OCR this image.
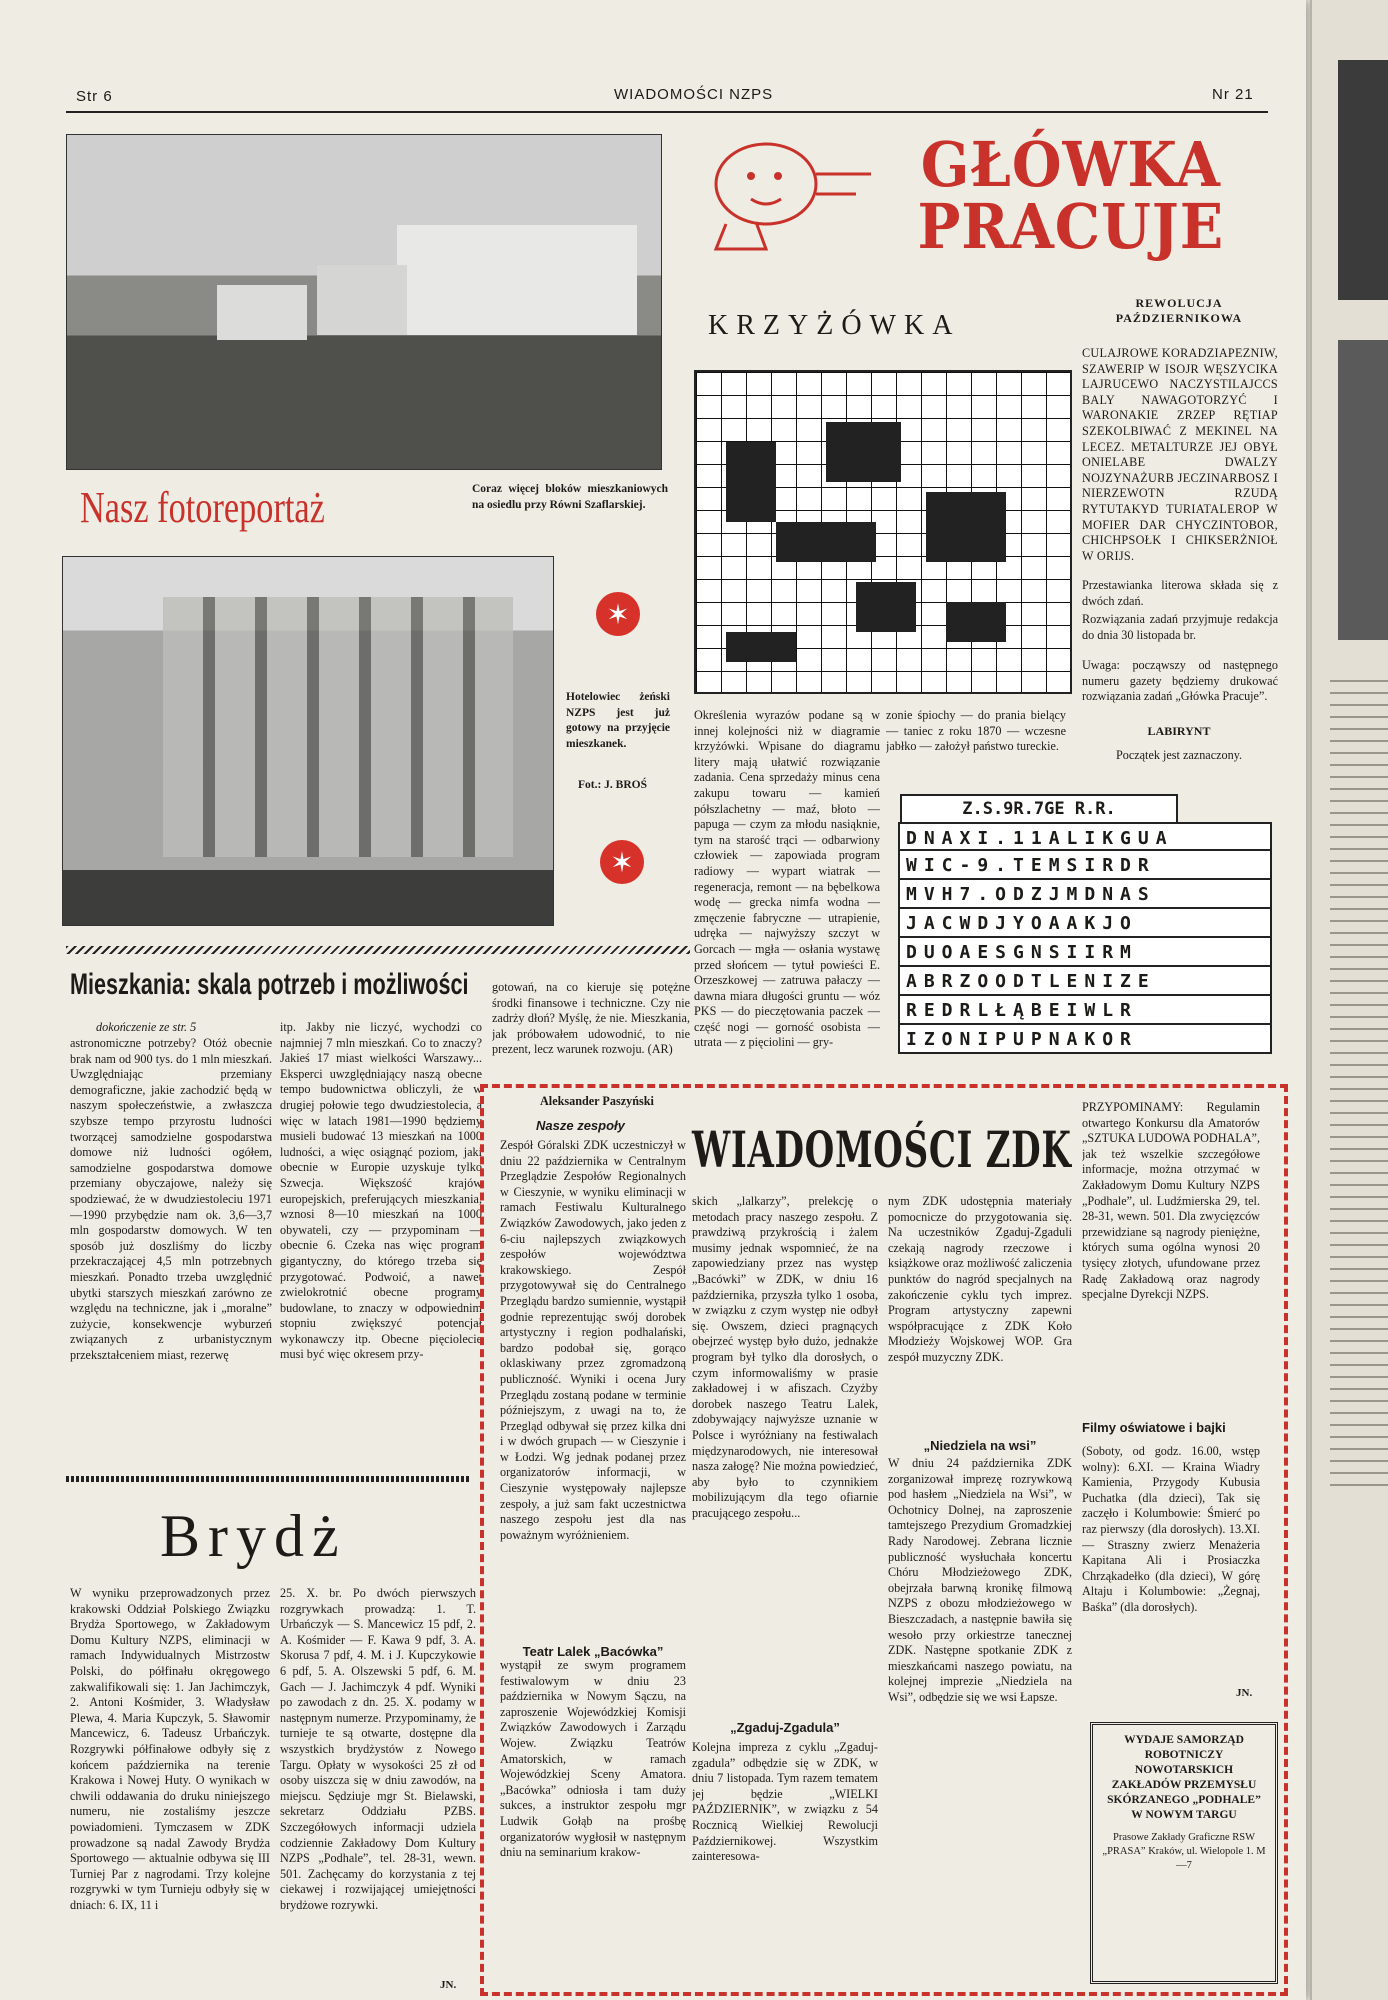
Str 6	WIADOMOŚCI NZPS	Nr 21
Nasz fotoreportaż	Coraz więcej bloków mieszkaniowych na osiedlu przy Równi Szaflarskiej.
✶
Hotelowiec żeński NZPS jest już gotowy na przyjęcie mieszkanek.
Fot.: J. BROŚ
✶
Mieszkania: skala potrzeb i możliwości
dokończenie ze str. 5
astronomiczne potrzeby? Otóż obecnie brak nam od 900 tys. do 1 mln mieszkań. Uwzględniając przemiany demograficzne, jakie zachodzić będą w naszym społeczeństwie, a zwłaszcza szybsze tempo przyrostu ludności tworzącej samodzielne gospodarstwa domowe niż ludności ogółem, samodzielne gospodarstwa domowe przemiany obyczajowe, należy się spodziewać, że w dwudziestoleciu 1971—1990 przybędzie nam ok. 3,6—3,7 mln gospodarstw domowych. W ten sposób już doszliśmy do liczby przekraczającej 4,5 mln potrzebnych mieszkań. Ponadto trzeba uwzględnić ubytki starszych mieszkań zarówno ze względu na techniczne, jak i „moralne” zużycie, konsekwencje wyburzeń związanych z urbanistycznym przekształceniem miast, rezerwę
itp. Jakby nie liczyć, wychodzi co najmniej 7 mln mieszkań. Co to znaczy? Jakieś 17 miast wielkości Warszawy... Eksperci uwzględniający naszą obecne tempo budownictwa obliczyli, że w drugiej połowie tego dwudziestolecia, a więc w latach 1981—1990 będziemy musieli budować 13 mieszkań na 1000 ludności, a więc osiągnąć poziom, jaki obecnie w Europie uzyskuje tylko Szwecja. Większość krajów europejskich, preferujących mieszkania, wznosi 8—10 mieszkań na 1000 obywateli, czy — przypominam — obecnie 6. Czeka nas więc program gigantyczny, do którego trzeba się przygotować. Podwoić, a nawet zwielokrotnić obecne programy budowlane, to znaczy w odpowiednim stopniu zwiększyć potencjał wykonawczy itp. Obecne pięciolecie musi być więc okresem przy-
gotowań, na co kieruje się potężne środki finansowe i techniczne. Czy nie zadrży dłoń? Myślę, że nie. Mieszkania, jak próbowałem udowodnić, to nie prezent, lecz warunek rozwoju. (AR)
Aleksander Paszyński
Brydż
W wyniku przeprowadzonych przez krakowski Oddział Polskiego Związku Brydża Sportowego, w Zakładowym Domu Kultury NZPS, eliminacji w ramach Indywidualnych Mistrzostw Polski, do półfinału okręgowego zakwalifikowali się: 1. Jan Jachimczyk, 2. Antoni Kośmider, 3. Władysław Plewa, 4. Maria Kupczyk, 5. Sławomir Mancewicz, 6. Tadeusz Urbańczyk. Rozgrywki półfinałowe odbyły się z końcem października na terenie Krakowa i Nowej Huty. O wynikach w chwili oddawania do druku niniejszego numeru, nie zostaliśmy jeszcze powiadomieni. Tymczasem w ZDK prowadzone są nadal Zawody Brydża Sportowego — aktualnie odbywa się III Turniej Par z nagrodami. Trzy kolejne rozgrywki w tym Turnieju odbyły się w dniach: 6. IX, 11 i
25. X. br. Po dwóch pierwszych rozgrywkach prowadzą: 1. T. Urbańczyk — S. Mancewicz 15 pdf, 2. A. Kośmider — F. Kawa 9 pdf, 3. A. Skorusa 7 pdf, 4. M. i J. Kupczykowie 6 pdf, 5. A. Olszewski 5 pdf, 6. M. Gach — J. Jachimczyk 4 pdf. Wyniki po zawodach z dn. 25. X. podamy w następnym numerze. Przypominamy, że turnieje te są otwarte, dostępne dla wszystkich brydżystów z Nowego Targu. Opłaty w wysokości 25 zł od osoby uiszcza się w dniu zawodów, na miejscu. Sędziuje mgr St. Bielawski, sekretarz Oddziału PZBS. Szczegółowych informacji udziela codziennie Zakładowy Dom Kultury NZPS „Podhale”, tel. 28-31, wewn. 501. Zachęcamy do korzystania z tej ciekawej i rozwijającej umiejętności brydżowe rozrywki.
JN.
GŁÓWKA PRACUJE
KRZYŻÓWKA
Określenia wyrazów podane są w innej kolejności niż w diagramie krzyżówki. Wpisane do diagramu litery mają ułatwić rozwiązanie zadania. Cena sprzedaży minus cena zakupu towaru — kamień półszlachetny — maź, błoto — papuga — czym za młodu nasiąknie, tym na starość trąci — odbarwiony człowiek — zapowiada program radiowy — wypart wiatrak — regeneracja, remont — na bębelkowa wodę — grecka nimfa wodna — zmęczenie fabryczne — utrapienie, udręka — najwyższy szczyt w Gorcach — mgła — osłania wystawę przed słońcem — tytuł powieści E. Orzeszkowej — zatruwa pałaczy — dawna miara długości gruntu — wóz PKS — do pieczętowania paczek — część nogi — gorność osobista — utrata — z pięciolini — gry-
zonie śpiochy — do prania bielący — taniec z roku 1870 — wczesne jabłko — założył państwo tureckie.
REWOLUCJA PAŹDZIERNIKOWA
CULAJROWE KORADZIAPEZNIW, SZAWERIP W ISOJR WĘSZYCIKA LAJRUCEWO NACZYSTILAJCCS BALY NAWAGOTORZYĆ I WARONAKIE ZRZEP RĘTIAP SZEKOLBIWAĆ Z MEKINEL NA LECEZ. METALTURZE JEJ OBYŁ ONIELABE DWALZY NOJZYNAŻURB JECZINARBOSZ I NIERZEWOTN RZUDĄ RYTUTAKYD TURIATALEROP W MOFIER DAR CHYCZINTOBOR, CHICHPSOŁK I CHIKSERŻNIOŁ W ORIJS.
Przestawianka literowa składa się z dwóch zdań.
Rozwiązania zadań przyjmuje redakcja do dnia 30 listopada br.
Uwaga: począwszy od następnego numeru gazety będziemy drukować rozwiązania zadań „Główka Pracuje”.
LABIRYNT
Początek jest zaznaczony.
Z.S.9R.7GE R.R.
DNAXI.11ALIKGUA
WIC-9.TEMSIRDR
MVH7.ODZJMDNAS
JACWDJYOAAKJO
DUOAESGNSIIRM
ABRZOODTLENIZE
REDRLŁĄBEIWLR
IZONIPUPNAKOR
Nasze zespoły WIADOMOŚCI ZDK
Zespół Góralski ZDK uczestniczył w dniu 22 października w Centralnym Przeglądzie Zespołów Regionalnych w Cieszynie, w wyniku eliminacji w ramach Festiwalu Kulturalnego Związków Zawodowych, jako jeden z 6-ciu najlepszych związkowych zespołów województwa krakowskiego. Zespół przygotowywał się do Centralnego Przeglądu bardzo sumiennie, wystąpił godnie reprezentując swój dorobek artystyczny i region podhalański, bardzo podobał się, gorąco oklaskiwany przez zgromadzoną publiczność. Wyniki i ocena Jury Przeglądu zostaną podane w terminie późniejszym, z uwagi na to, że Przegląd odbywał się przez kilka dni i w dwóch grupach — w Cieszynie i w Łodzi. Wg jednak podanej przez organizatorów informacji, w Cieszynie występowały najlepsze zespoły, a już sam fakt uczestnictwa naszego zespołu jest dla nas poważnym wyróżnieniem.
Teatr Lalek „Bacówka”
wystąpił ze swym programem festiwalowym w dniu 23 października w Nowym Sączu, na zaproszenie Wojewódzkiej Komisji Związków Zawodowych i Zarządu Wojew. Związku Teatrów Amatorskich, w ramach Wojewódzkiej Sceny Amatora. „Bacówka” odniosła i tam duży sukces, a instruktor zespołu mgr Ludwik Gołąb na prośbę organizatorów wygłosił w następnym dniu na seminarium krakow-
skich „lalkarzy”, prelekcję o metodach pracy naszego zespołu. Z prawdziwą przykrością i żalem musimy jednak wspomnieć, że na zapowiedziany przez nas występ „Bacówki” w ZDK, w dniu 16 października, przyszła tylko 1 osoba, w związku z czym występ nie odbył się. Owszem, dzieci pragnących obejrzeć występ było dużo, jednakże program był tylko dla dorosłych, o czym informowaliśmy w prasie zakładowej i w afiszach. Czyżby dorobek naszego Teatru Lalek, zdobywający najwyższe uznanie w Polsce i wyróżniany na festiwalach międzynarodowych, nie interesował nasza załogę? Nie można powiedzieć, aby było to czynnikiem mobilizującym dla tego ofiarnie pracującego zespołu...
„Zgaduj-Zgadula”
Kolejna impreza z cyklu „Zgaduj-zgadula” odbędzie się w ZDK, w dniu 7 listopada. Tym razem tematem jej będzie „WIELKI PAŹDZIERNIK”, w związku z 54 Rocznicą Wielkiej Rewolucji Październikowej. Wszystkim zainteresowa-
nym ZDK udostępnia materiały pomocnicze do przygotowania się. Na uczestników Zgaduj-Zgaduli czekają nagrody rzeczowe i książkowe oraz możliwość zaliczenia punktów do nagród specjalnych na zakończenie cyklu tych imprez. Program artystyczny zapewni współpracujące z ZDK Koło Młodzieży Wojskowej WOP. Gra zespół muzyczny ZDK.
„Niedziela na wsi”
W dniu 24 października ZDK zorganizował imprezę rozrywkową pod hasłem „Niedziela na Wsi”, w Ochotnicy Dolnej, na zaproszenie tamtejszego Prezydium Gromadzkiej Rady Narodowej. Zebrana licznie publiczność wysłuchała koncertu Chóru Młodzieżowego ZDK, obejrzała barwną kronikę filmową NZPS z obozu młodzieżowego w Bieszczadach, a następnie bawiła się wesoło przy orkiestrze tanecznej ZDK. Następne spotkanie ZDK z mieszkańcami naszego powiatu, na kolejnej imprezie „Niedziela na Wsi”, odbędzie się we wsi Łapsze.
PRZYPOMINAMY: Regulamin otwartego Konkursu dla Amatorów „SZTUKA LUDOWA PODHALA”, jak też wszelkie szczegółowe informacje, można otrzymać w Zakładowym Domu Kultury NZPS „Podhale”, ul. Ludźmierska 29, tel. 28-31, wewn. 501. Dla zwycięzców przewidziane są nagrody pieniężne, których suma ogólna wynosi 20 tysięcy złotych, ufundowane przez Radę Zakładową oraz nagrody specjalne Dyrekcji NZPS.
Filmy oświatowe i bajki
(Soboty, od godz. 16.00, wstęp wolny): 6.XI. — Kraina Wiadry Kamienia, Przygody Kubusia Puchatka (dla dzieci), Tak się zaczęło i Kolumbowie: Śmierć po raz pierwszy (dla dorosłych). 13.XI. — Straszny zwierz Menażeria Kapitana Ali i Prosiaczka Chrząkadełko (dla dzieci), W górę Altaju i Kolumbowie: „Żegnaj, Baśka” (dla dorosłych).
JN.
WYDAJE SAMORZĄD ROBOTNICZY NOWOTARSKICH ZAKŁADÓW PRZEMYSŁU SKÓRZANEGO „PODHALE” W NOWYM TARGU
Prasowe Zakłady Graficzne RSW „PRASA” Kraków, ul. Wielopole 1. M—7
